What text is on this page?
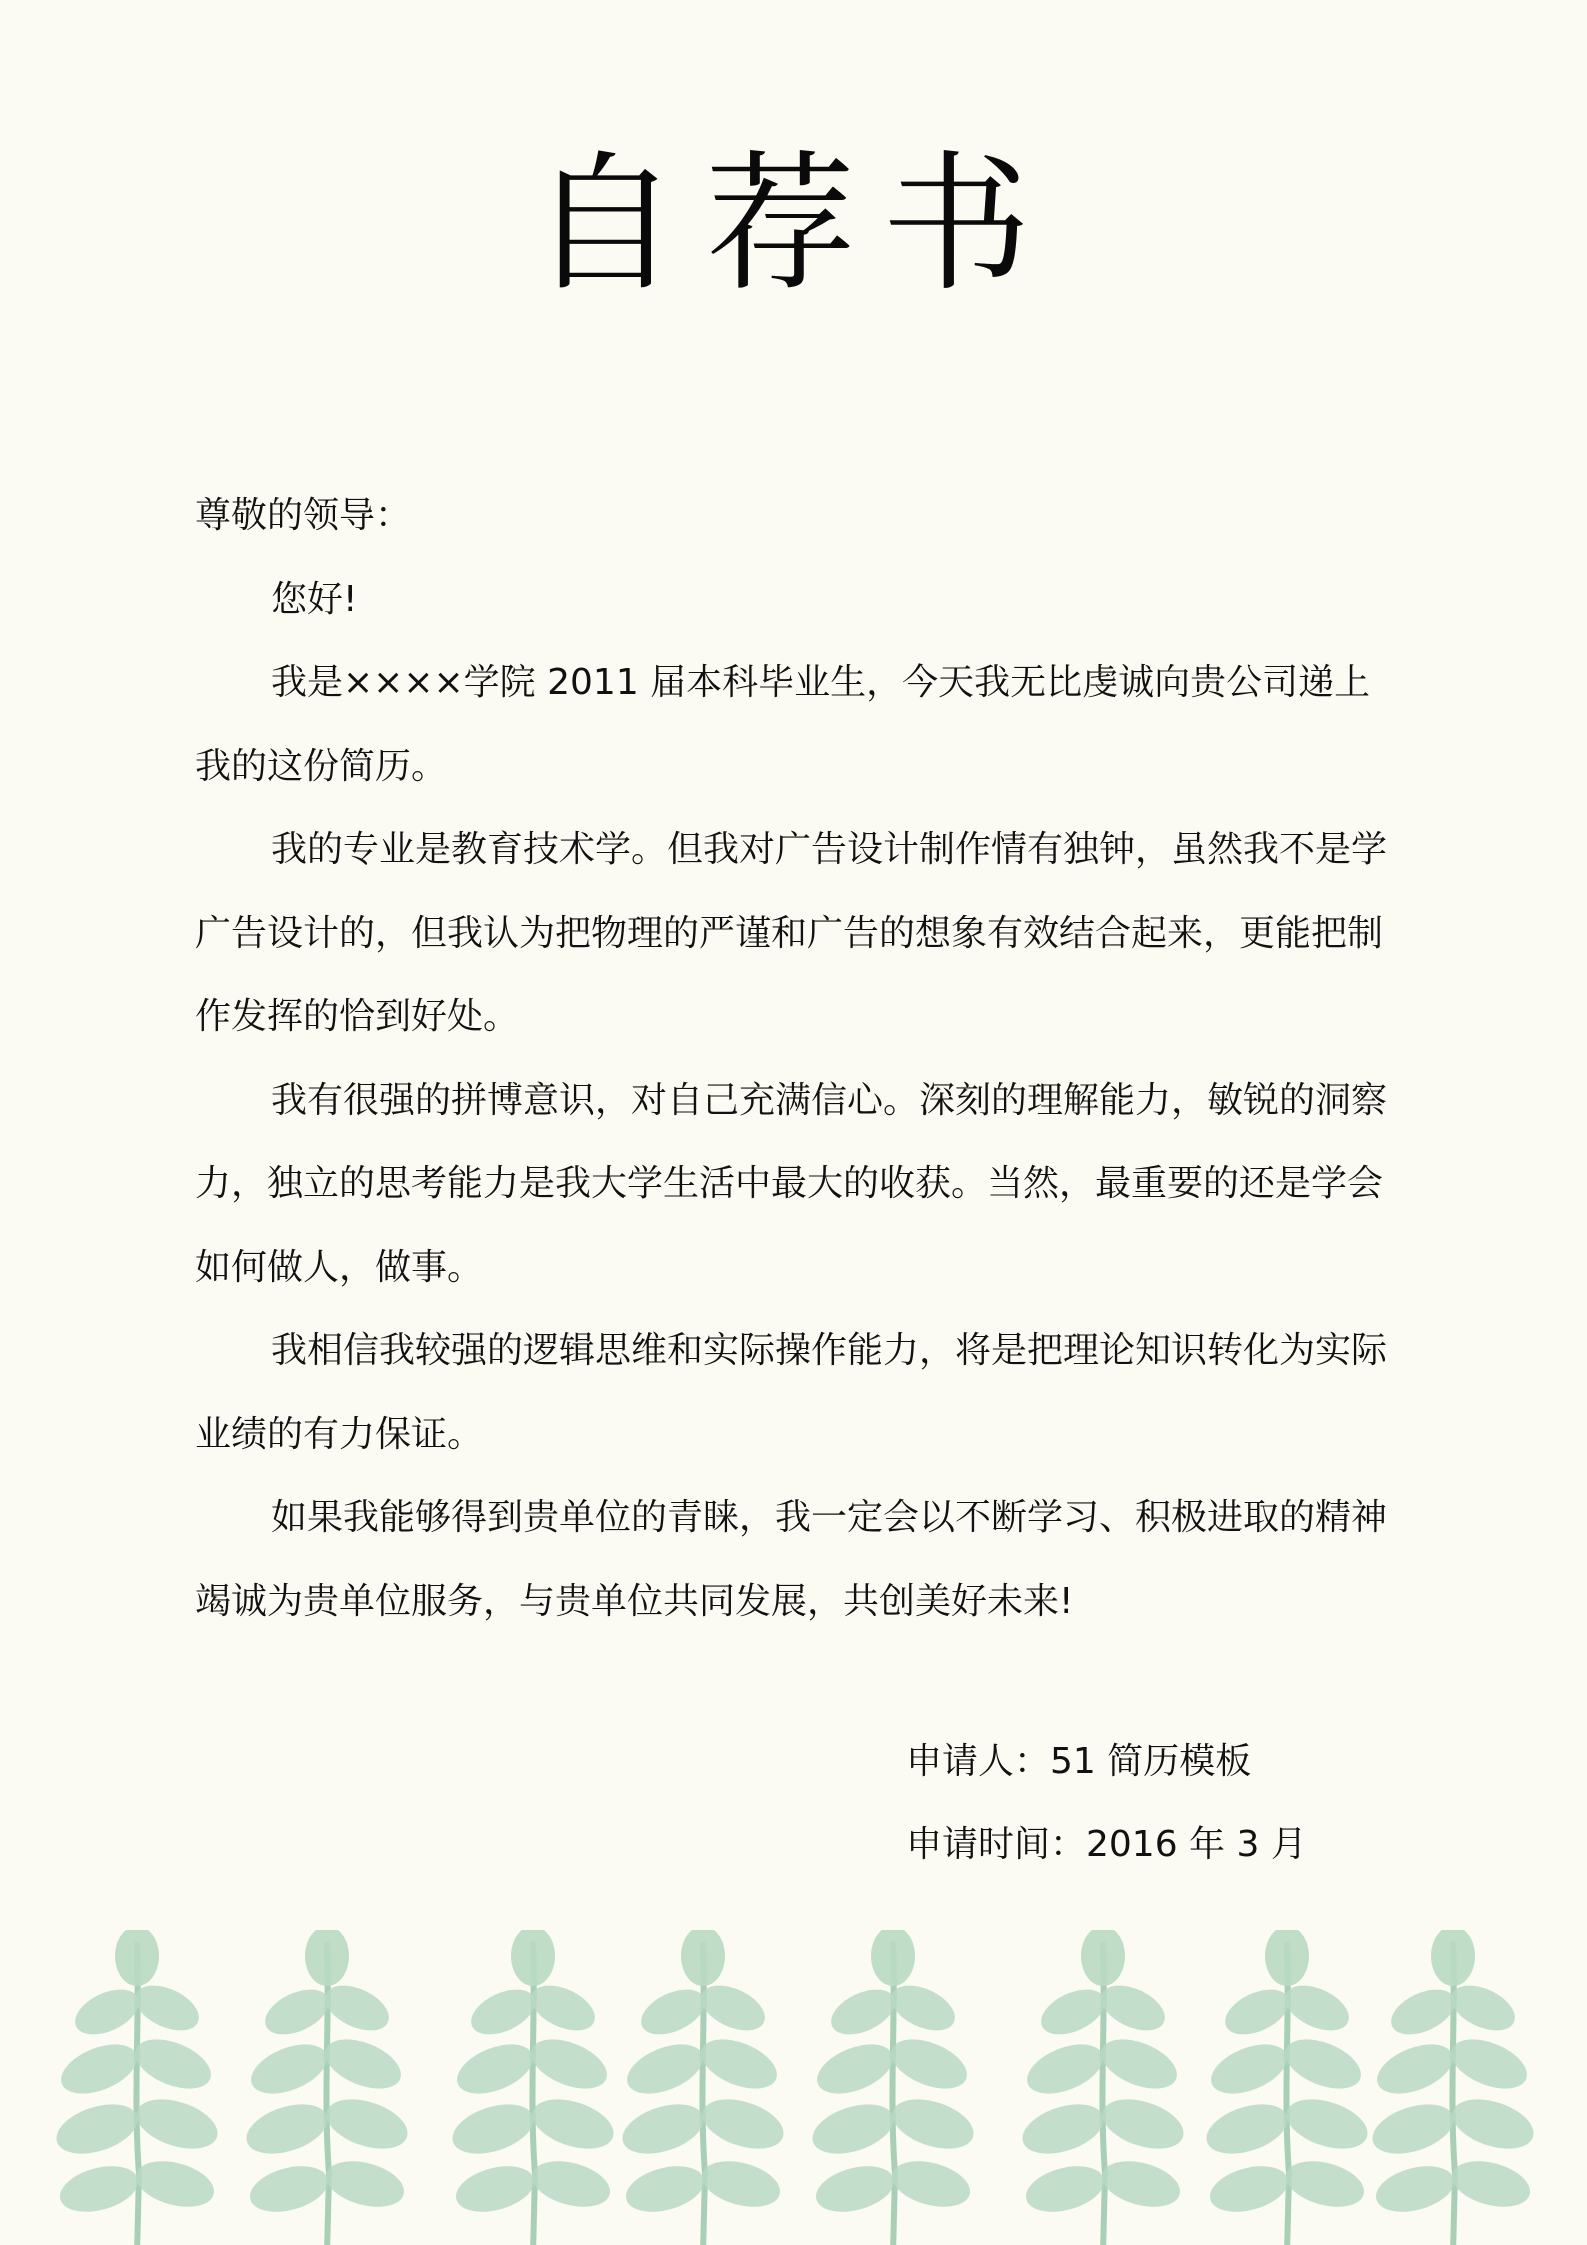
自荐书

尊敬的领导：

您好!

我是××××学院 2011 届本科毕业生，今天我无比虔诚向贵公司递上我的这份简历。

我的专业是教育技术学。但我对广告设计制作情有独钟，虽然我不是学广告设计的，但我认为把物理的严谨和广告的想象有效结合起来，更能把制作发挥的恰到好处。

我有很强的拼博意识，对自己充满信心。深刻的理解能力，敏锐的洞察力，独立的思考能力是我大学生活中最大的收获。当然，最重要的还是学会如何做人，做事。

我相信我较强的逻辑思维和实际操作能力，将是把理论知识转化为实际业绩的有力保证。

如果我能够得到贵单位的青睐，我一定会以不断学习、积极进取的精神竭诚为贵单位服务，与贵单位共同发展，共创美好未来!

申请人：51 简历模板

申请时间：2016 年 3 月
